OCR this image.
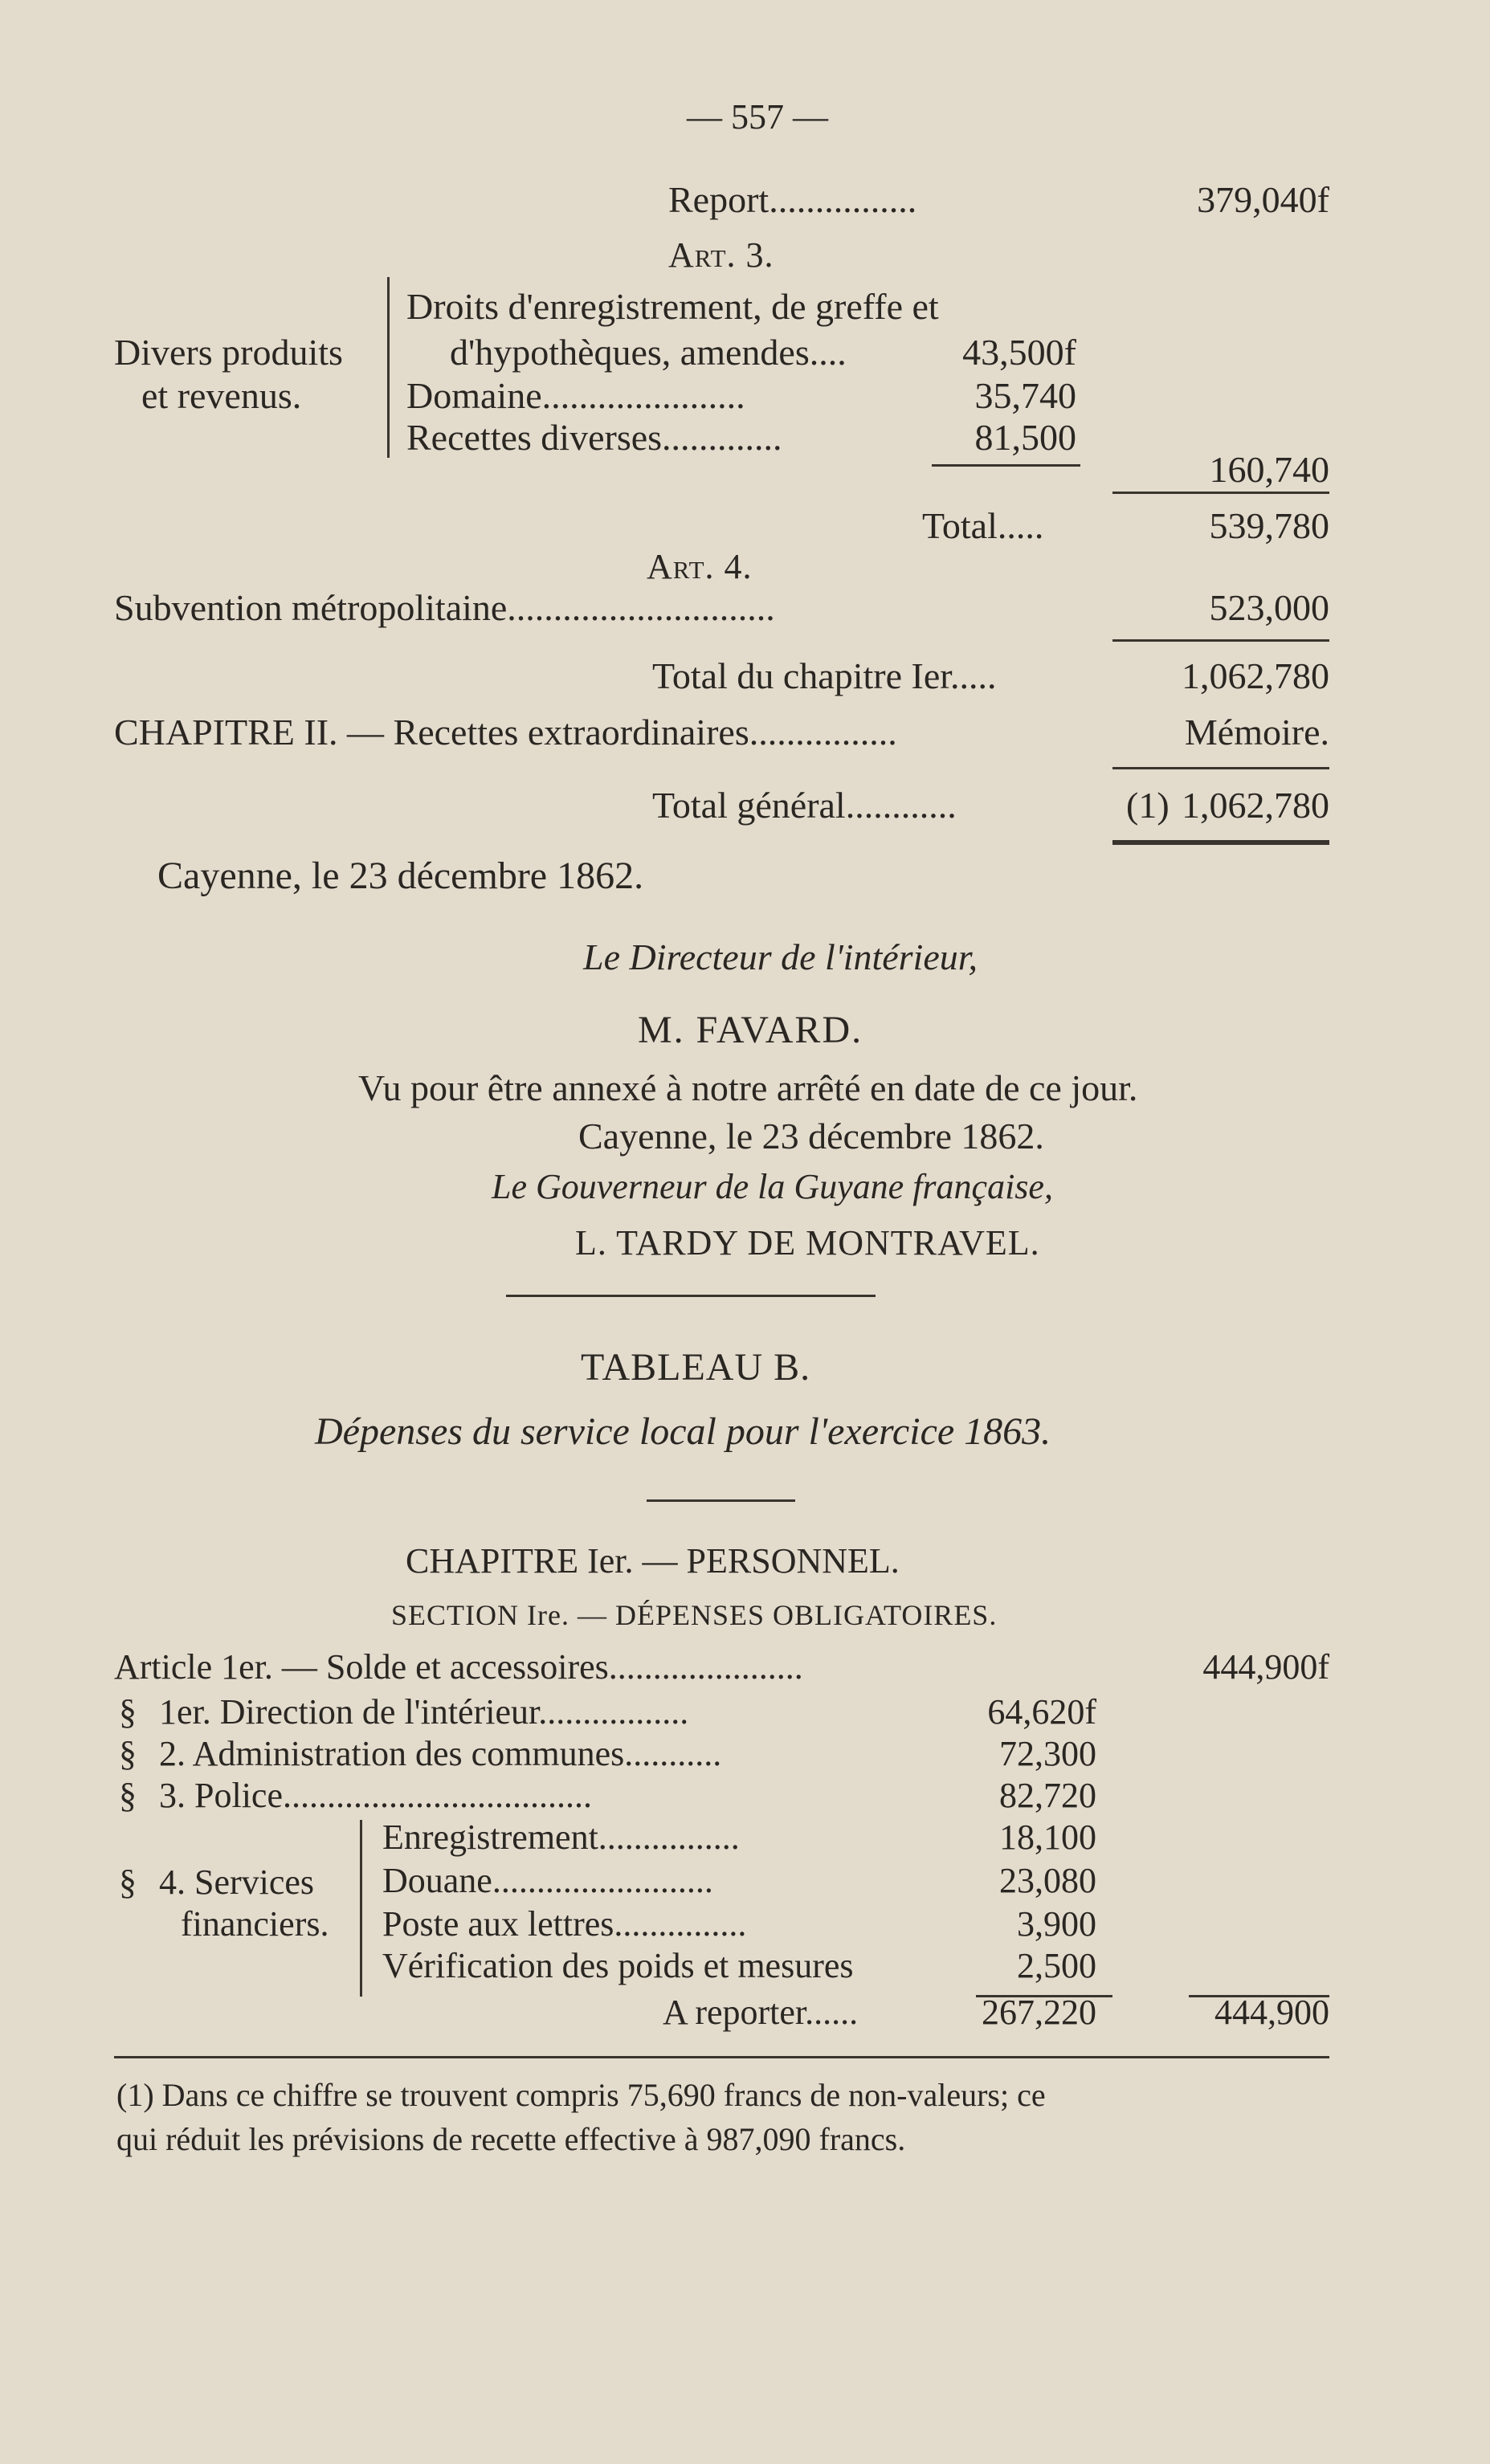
— 557 —
Report................	379,040f
Art. 3.
Divers produits
et revenus.
Droits d'enregistrement, de greffe et
d'hypothèques, amendes....	43,500f
Domaine......................	35,740
Recettes diverses.............	81,500
160,740
Total.....	539,780
Art. 4.
Subvention métropolitaine.............................	523,000
Total du chapitre Ier.....	1,062,780
CHAPITRE II. — Recettes extraordinaires................	Mémoire.
Total général............	(1) 1,062,780
Cayenne, le 23 décembre 1862.
Le Directeur de l'intérieur,
M. FAVARD.
Vu pour être annexé à notre arrêté en date de ce jour.
Cayenne, le 23 décembre 1862.
Le Gouverneur de la Guyane française,
L. TARDY DE MONTRAVEL.
TABLEAU B.
Dépenses du service local pour l'exercice 1863.
CHAPITRE Ier. — PERSONNEL.
SECTION Ire. — DÉPENSES OBLIGATOIRES.
Article 1er. — Solde et accessoires......................	444,900f
§ 1er. Direction de l'intérieur.................	64,620f
§ 2. Administration des communes...........	72,300
§ 3. Police...................................	82,720
§ 4. Services
financiers.
Enregistrement................	18,100
Douane.........................	23,080
Poste aux lettres...............	3,900
Vérification des poids et mesures	2,500
A reporter......	267,220	444,900
(1) Dans ce chiffre se trouvent compris 75,690 francs de non-valeurs; ce
qui réduit les prévisions de recette effective à 987,090 francs.
